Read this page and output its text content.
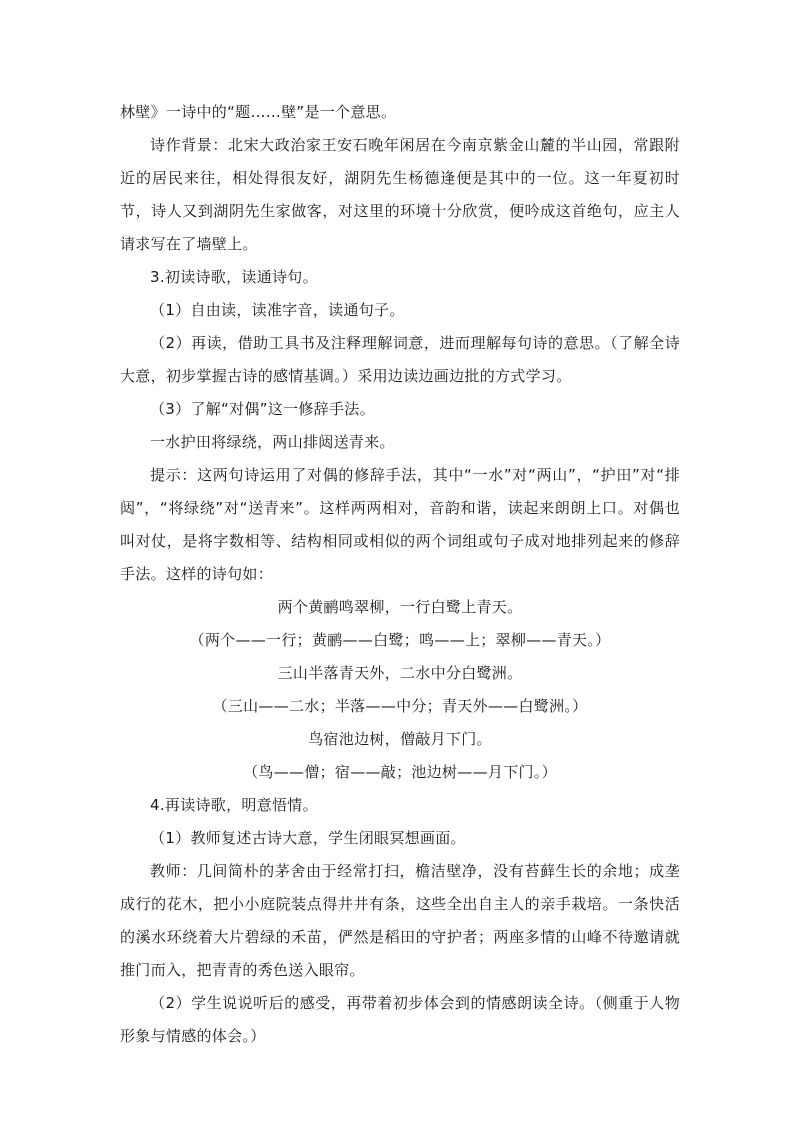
林壁》一诗中的“题……壁”是一个意思。

诗作背景：北宋大政治家王安石晚年闲居在今南京紫金山麓的半山园，常跟附近的居民来往，相处得很友好，湖阴先生杨德逢便是其中的一位。这一年夏初时节，诗人又到湖阴先生家做客，对这里的环境十分欣赏，便吟成这首绝句，应主人请求写在了墙壁上。

3.初读诗歌，读通诗句。

（1）自由读，读准字音，读通句子。

（2）再读，借助工具书及注释理解词意，进而理解每句诗的意思。（了解全诗大意，初步掌握古诗的感情基调。）采用边读边画边批的方式学习。

（3）了解“对偶”这一修辞手法。

一水护田将绿绕，两山排闼送青来。

提示：这两句诗运用了对偶的修辞手法，其中“一水”对“两山”，“护田”对“排闼”，“将绿绕”对“送青来”。这样两两相对，音韵和谐，读起来朗朗上口。对偶也叫对仗，是将字数相等、结构相同或相似的两个词组或句子成对地排列起来的修辞手法。这样的诗句如：

两个黄鹂鸣翠柳，一行白鹭上青天。

（两个——一行；黄鹂——白鹭；鸣——上；翠柳——青天。）

三山半落青天外，二水中分白鹭洲。

（三山——二水；半落——中分；青天外——白鹭洲。）

鸟宿池边树，僧敲月下门。

（鸟——僧；宿——敲；池边树——月下门。）

4.再读诗歌，明意悟情。

（1）教师复述古诗大意，学生闭眼冥想画面。

教师：几间简朴的茅舍由于经常打扫，檐洁壁净，没有苔藓生长的余地；成垄成行的花木，把小小庭院装点得井井有条，这些全出自主人的亲手栽培。一条快活的溪水环绕着大片碧绿的禾苗，俨然是稻田的守护者；两座多情的山峰不待邀请就推门而入，把青青的秀色送入眼帘。

（2）学生说说听后的感受，再带着初步体会到的情感朗读全诗。（侧重于人物形象与情感的体会。）
